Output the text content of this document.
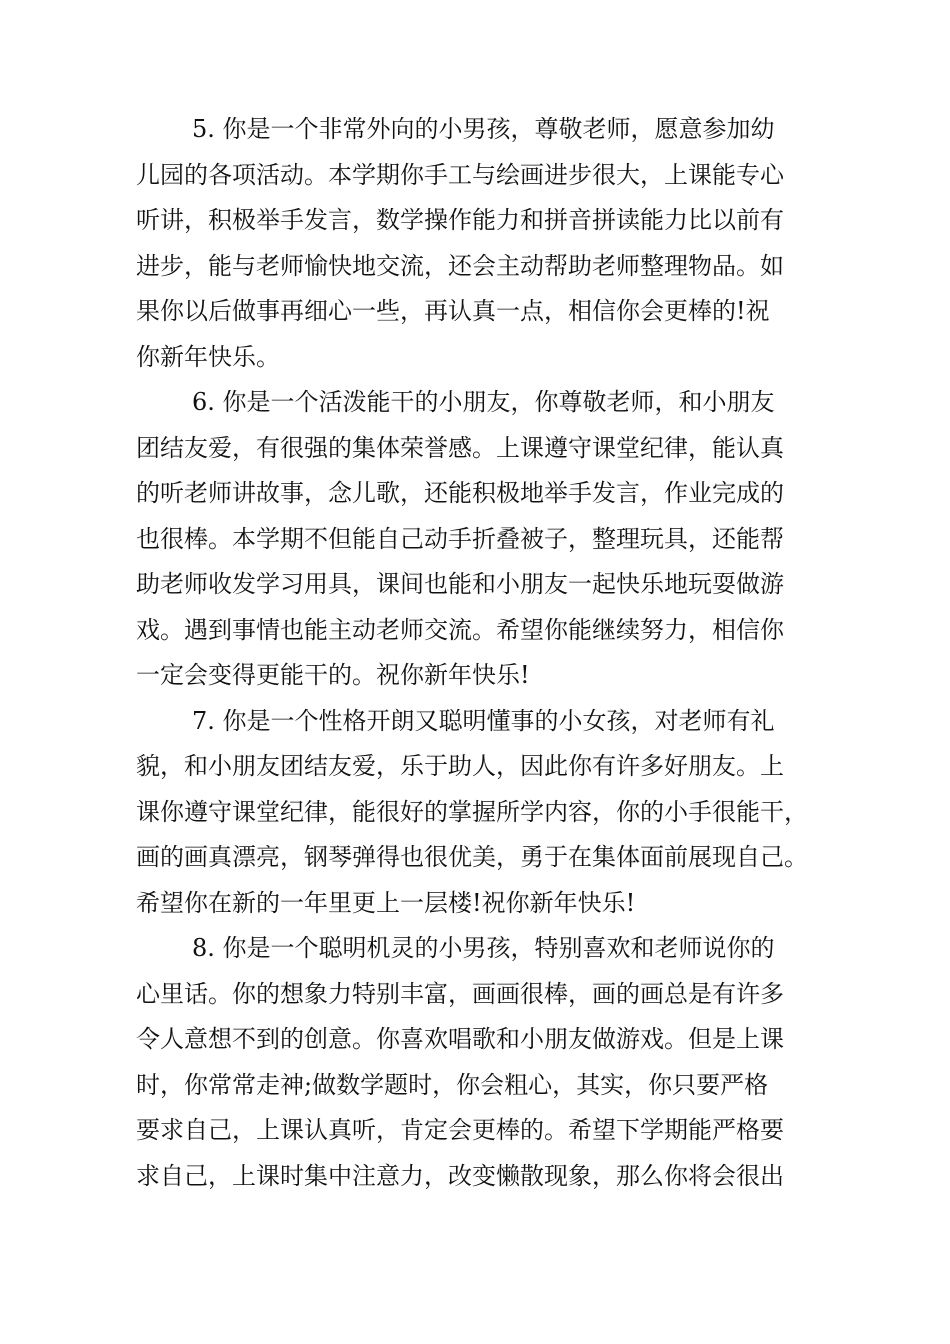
5. 你是一个非常外向的小男孩，尊敬老师，愿意参加幼
儿园的各项活动。本学期你手工与绘画进步很大，上课能专心
听讲，积极举手发言，数学操作能力和拼音拼读能力比以前有
进步，能与老师愉快地交流，还会主动帮助老师整理物品。如
果你以后做事再细心一些，再认真一点，相信你会更棒的!祝
你新年快乐。

6. 你是一个活泼能干的小朋友，你尊敬老师，和小朋友
团结友爱，有很强的集体荣誉感。上课遵守课堂纪律，能认真
的听老师讲故事，念儿歌，还能积极地举手发言，作业完成的
也很棒。本学期不但能自己动手折叠被子，整理玩具，还能帮
助老师收发学习用具，课间也能和小朋友一起快乐地玩耍做游
戏。遇到事情也能主动老师交流。希望你能继续努力，相信你
一定会变得更能干的。祝你新年快乐!

7. 你是一个性格开朗又聪明懂事的小女孩，对老师有礼
貌，和小朋友团结友爱，乐于助人，因此你有许多好朋友。上
课你遵守课堂纪律，能很好的掌握所学内容，你的小手很能干，
画的画真漂亮，钢琴弹得也很优美，勇于在集体面前展现自己。
希望你在新的一年里更上一层楼!祝你新年快乐!

8. 你是一个聪明机灵的小男孩，特别喜欢和老师说你的
心里话。你的想象力特别丰富，画画很棒，画的画总是有许多
令人意想不到的创意。你喜欢唱歌和小朋友做游戏。但是上课
时，你常常走神;做数学题时，你会粗心，其实，你只要严格
要求自己，上课认真听，肯定会更棒的。希望下学期能严格要
求自己，上课时集中注意力，改变懒散现象，那么你将会很出
